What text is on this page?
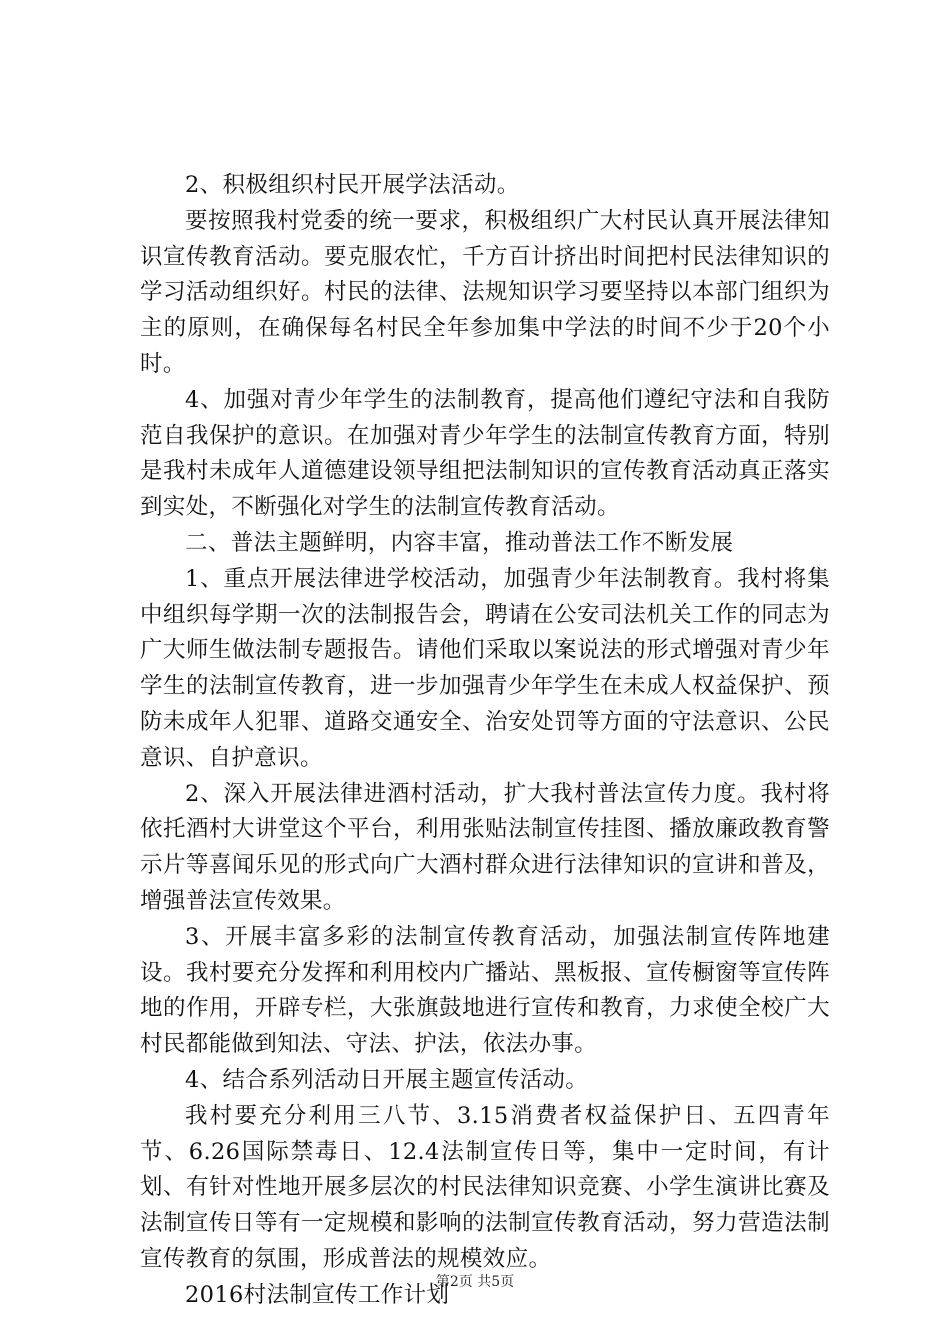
2、积极组织村民开展学法活动。

要按照我村党委的统一要求，积极组织广大村民认真开展法律知识宣传教育活动。要克服农忙，千方百计挤出时间把村民法律知识的学习活动组织好。村民的法律、法规知识学习要坚持以本部门组织为主的原则，在确保每名村民全年参加集中学法的时间不少于20个小时。

4、加强对青少年学生的法制教育，提高他们遵纪守法和自我防范自我保护的意识。在加强对青少年学生的法制宣传教育方面，特别是我村未成年人道德建设领导组把法制知识的宣传教育活动真正落实到实处，不断强化对学生的法制宣传教育活动。

二、普法主题鲜明，内容丰富，推动普法工作不断发展

1、重点开展法律进学校活动，加强青少年法制教育。我村将集中组织每学期一次的法制报告会，聘请在公安司法机关工作的同志为广大师生做法制专题报告。请他们采取以案说法的形式增强对青少年学生的法制宣传教育，进一步加强青少年学生在未成人权益保护、预防未成年人犯罪、道路交通安全、治安处罚等方面的守法意识、公民意识、自护意识。

2、深入开展法律进酒村活动，扩大我村普法宣传力度。我村将依托酒村大讲堂这个平台，利用张贴法制宣传挂图、播放廉政教育警示片等喜闻乐见的形式向广大酒村群众进行法律知识的宣讲和普及，增强普法宣传效果。

3、开展丰富多彩的法制宣传教育活动，加强法制宣传阵地建设。我村要充分发挥和利用校内广播站、黑板报、宣传橱窗等宣传阵地的作用，开辟专栏，大张旗鼓地进行宣传和教育，力求使全校广大村民都能做到知法、守法、护法，依法办事。

4、结合系列活动日开展主题宣传活动。

我村要充分利用三八节、3.15消费者权益保护日、五四青年节、6.26国际禁毒日、12.4法制宣传日等，集中一定时间，有计划、有针对性地开展多层次的村民法律知识竞赛、小学生演讲比赛及法制宣传日等有一定规模和影响的法制宣传教育活动，努力营造法制宣传教育的氛围，形成普法的规模效应。

2016村法制宣传工作计划

第2页 共5页
